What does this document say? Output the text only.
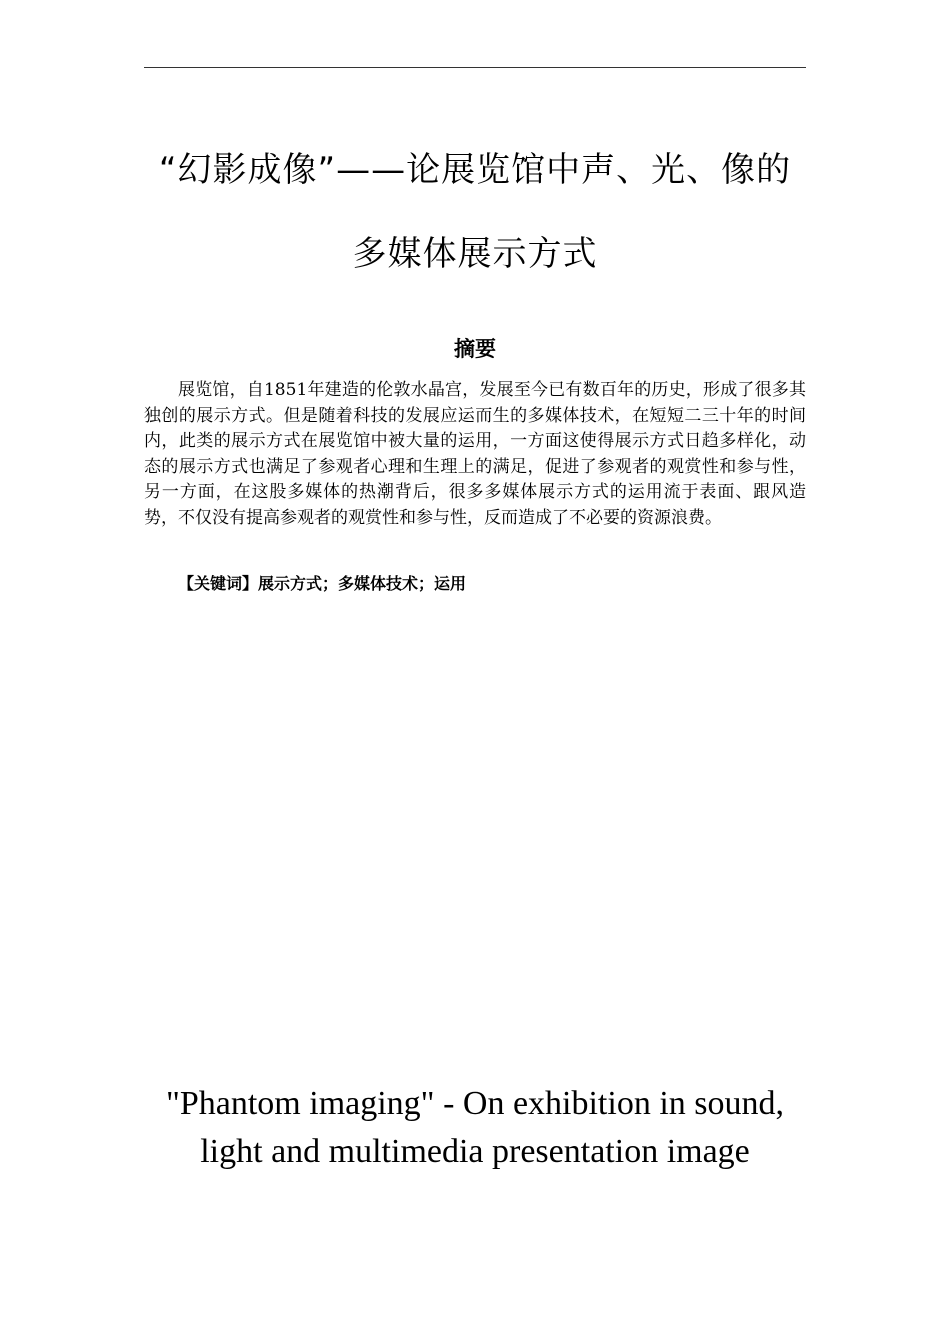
“幻影成像”——论展览馆中声、光、像的
多媒体展示方式
摘要

展览馆，自1851年建造的伦敦水晶宫，发展至今已有数百年的历史，形成了很多其独创的展示方式。但是随着科技的发展应运而生的多媒体技术，在短短二三十年的时间内，此类的展示方式在展览馆中被大量的运用，一方面这使得展示方式日趋多样化，动态的展示方式也满足了参观者心理和生理上的满足，促进了参观者的观赏性和参与性，另一方面，在这股多媒体的热潮背后，很多多媒体展示方式的运用流于表面、跟风造势，不仅没有提高参观者的观赏性和参与性，反而造成了不必要的资源浪费。

【关键词】展示方式；多媒体技术；运用

"Phantom imaging" - On exhibition in sound, light and multimedia presentation image
